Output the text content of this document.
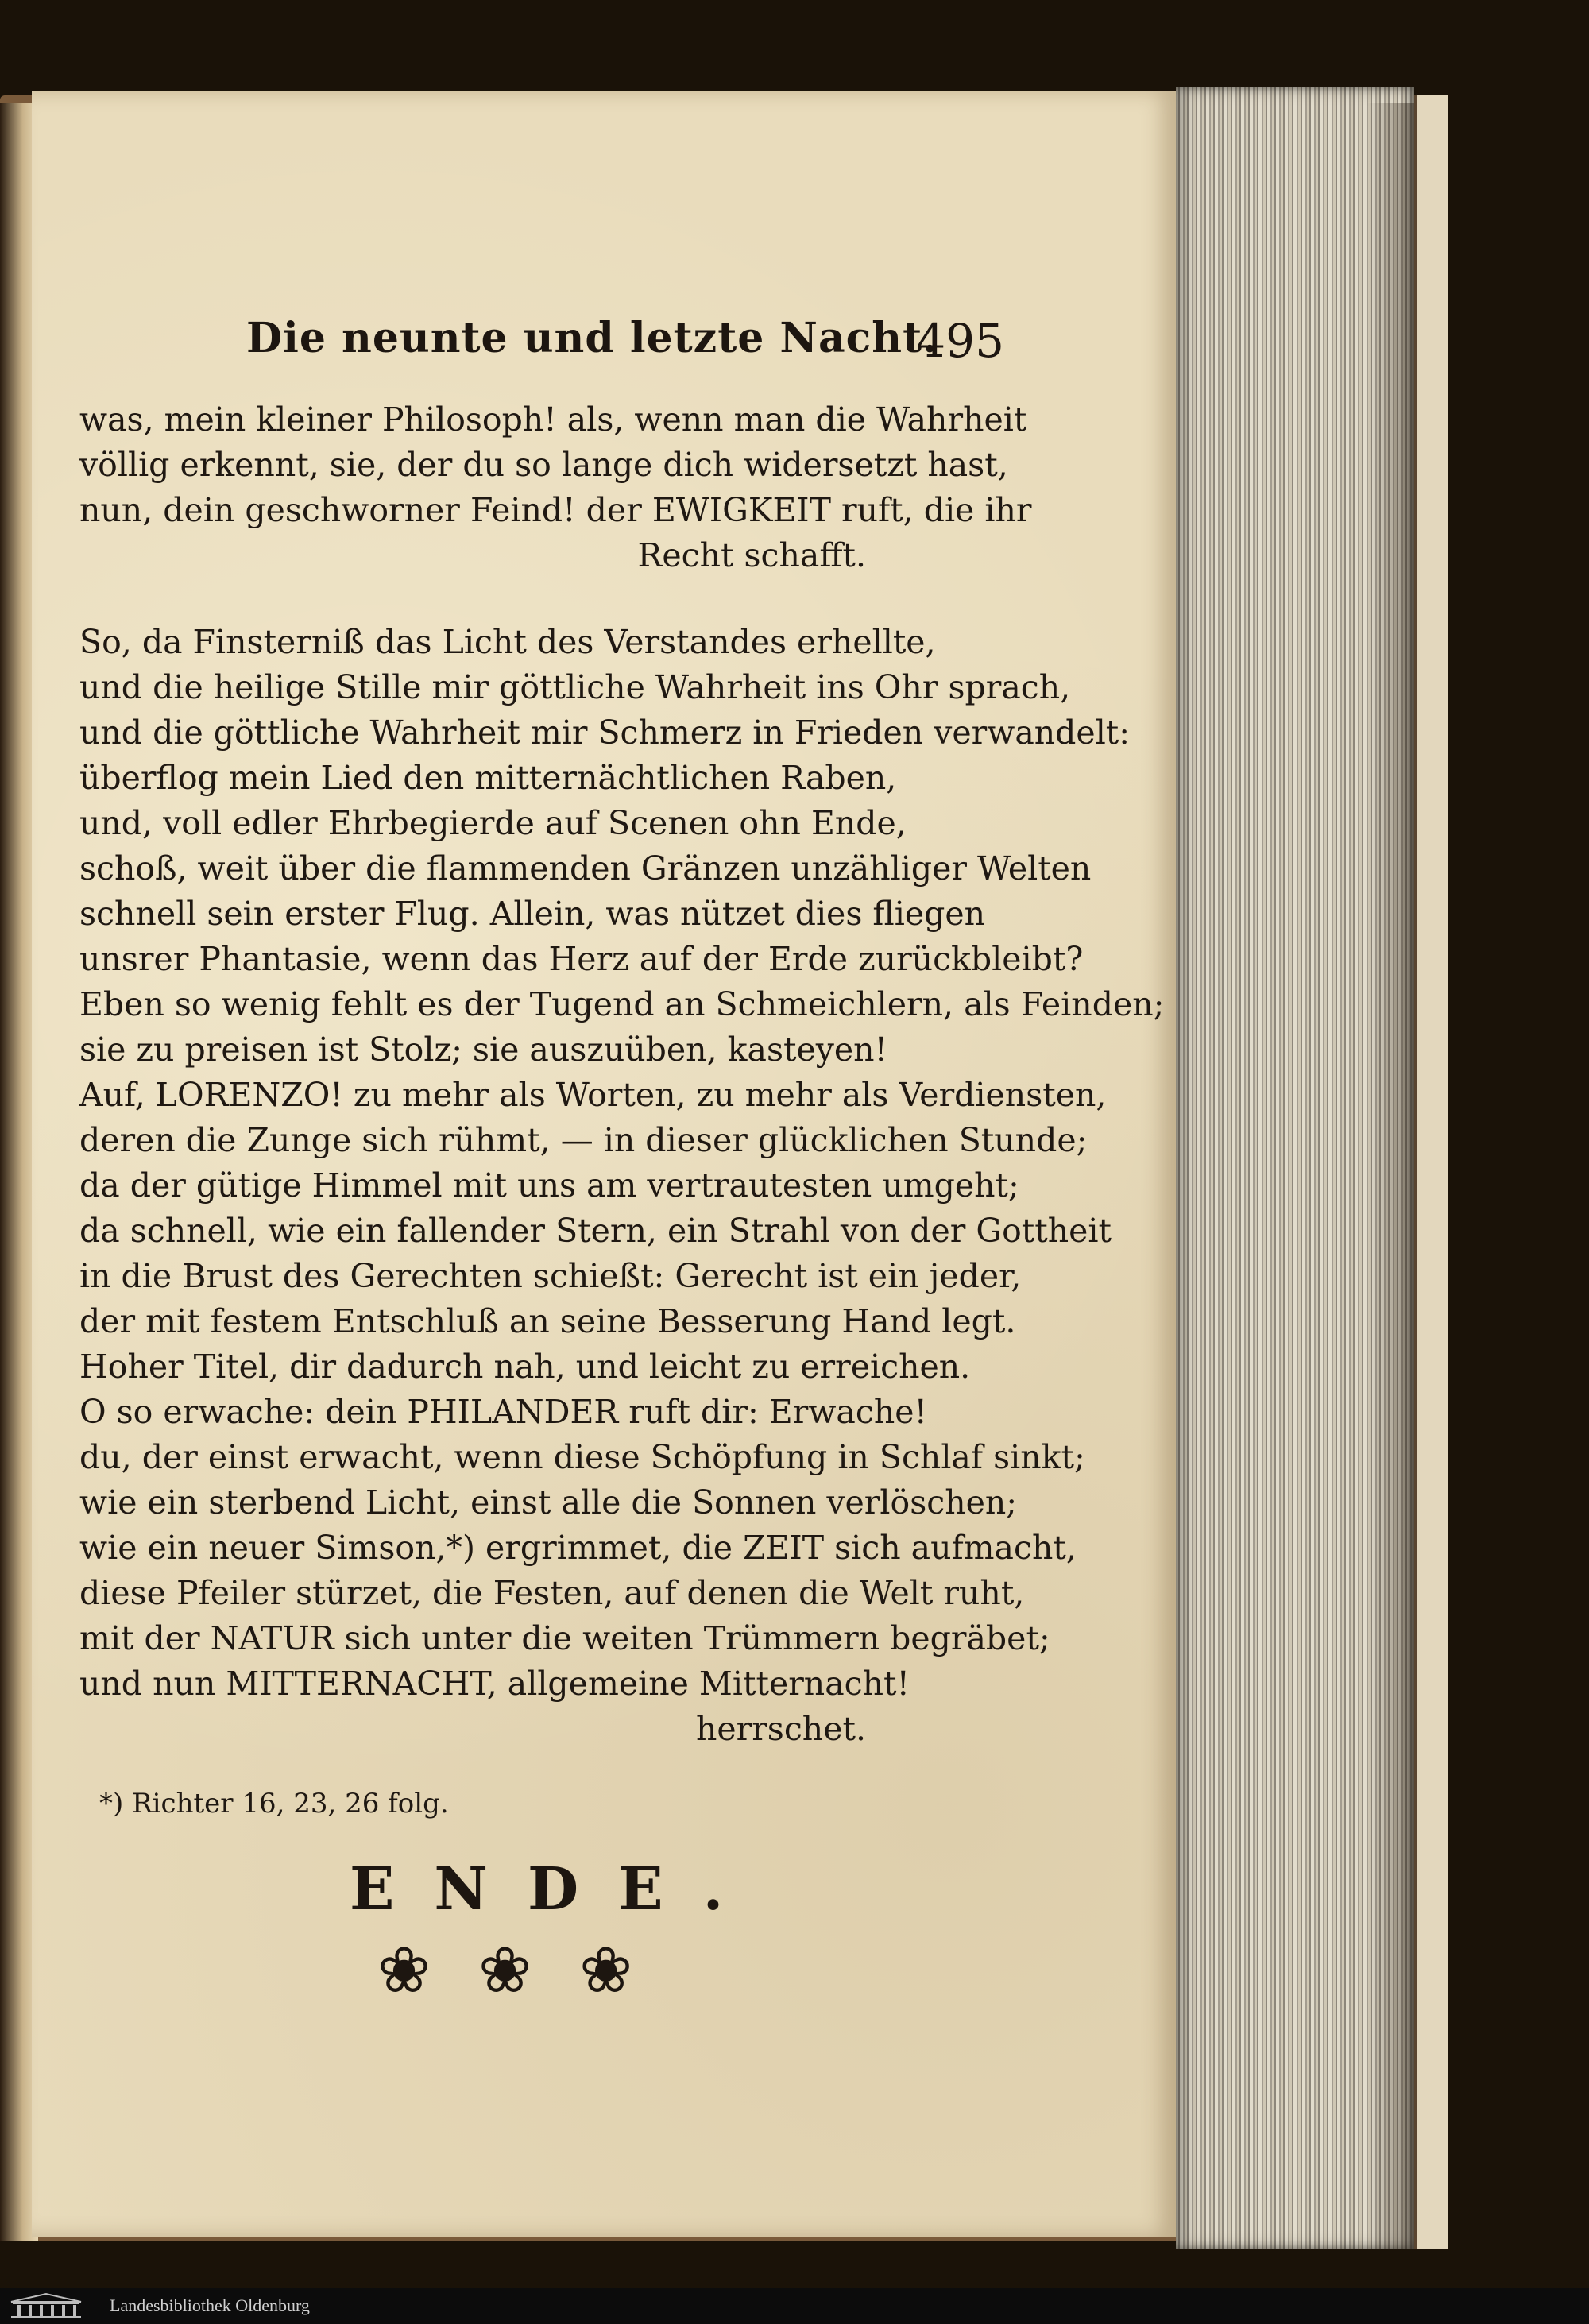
Die neunte und letzte Nacht.
495
was, mein kleiner Philosoph! als, wenn man die Wahrheit
völlig erkennt, sie, der du so lange dich widersetzt hast,
nun, dein geschworner Feind! der EWIGKEIT ruft, die ihr
Recht schafft.
So, da Finsterniß das Licht des Verstandes erhellte,
und die heilige Stille mir göttliche Wahrheit ins Ohr sprach,
und die göttliche Wahrheit mir Schmerz in Frieden verwandelt:
überflog mein Lied den mitternächtlichen Raben,
und, voll edler Ehrbegierde auf Scenen ohn Ende,
schoß, weit über die flammenden Gränzen unzähliger Welten
schnell sein erster Flug. Allein, was nützet dies fliegen
unsrer Phantasie, wenn das Herz auf der Erde zurückbleibt?
Eben so wenig fehlt es der Tugend an Schmeichlern, als Feinden;
sie zu preisen ist Stolz; sie auszuüben, kasteyen!
Auf, LORENZO! zu mehr als Worten, zu mehr als Verdiensten,
deren die Zunge sich rühmt, — in dieser glücklichen Stunde;
da der gütige Himmel mit uns am vertrautesten umgeht;
da schnell, wie ein fallender Stern, ein Strahl von der Gottheit
in die Brust des Gerechten schießt: Gerecht ist ein jeder,
der mit festem Entschluß an seine Besserung Hand legt.
Hoher Titel, dir dadurch nah, und leicht zu erreichen.
O so erwache: dein PHILANDER ruft dir: Erwache!
du, der einst erwacht, wenn diese Schöpfung in Schlaf sinkt;
wie ein sterbend Licht, einst alle die Sonnen verlöschen;
wie ein neuer Simson,*) ergrimmet, die ZEIT sich aufmacht,
diese Pfeiler stürzet, die Festen, auf denen die Welt ruht,
mit der NATUR sich unter die weiten Trümmern begräbet;
und nun MITTERNACHT, allgemeine Mitternacht!
herrschet.
*) Richter 16, 23, 26 folg.
ENDE.
❀ ❀ ❀
Landesbibliothek Oldenburg
